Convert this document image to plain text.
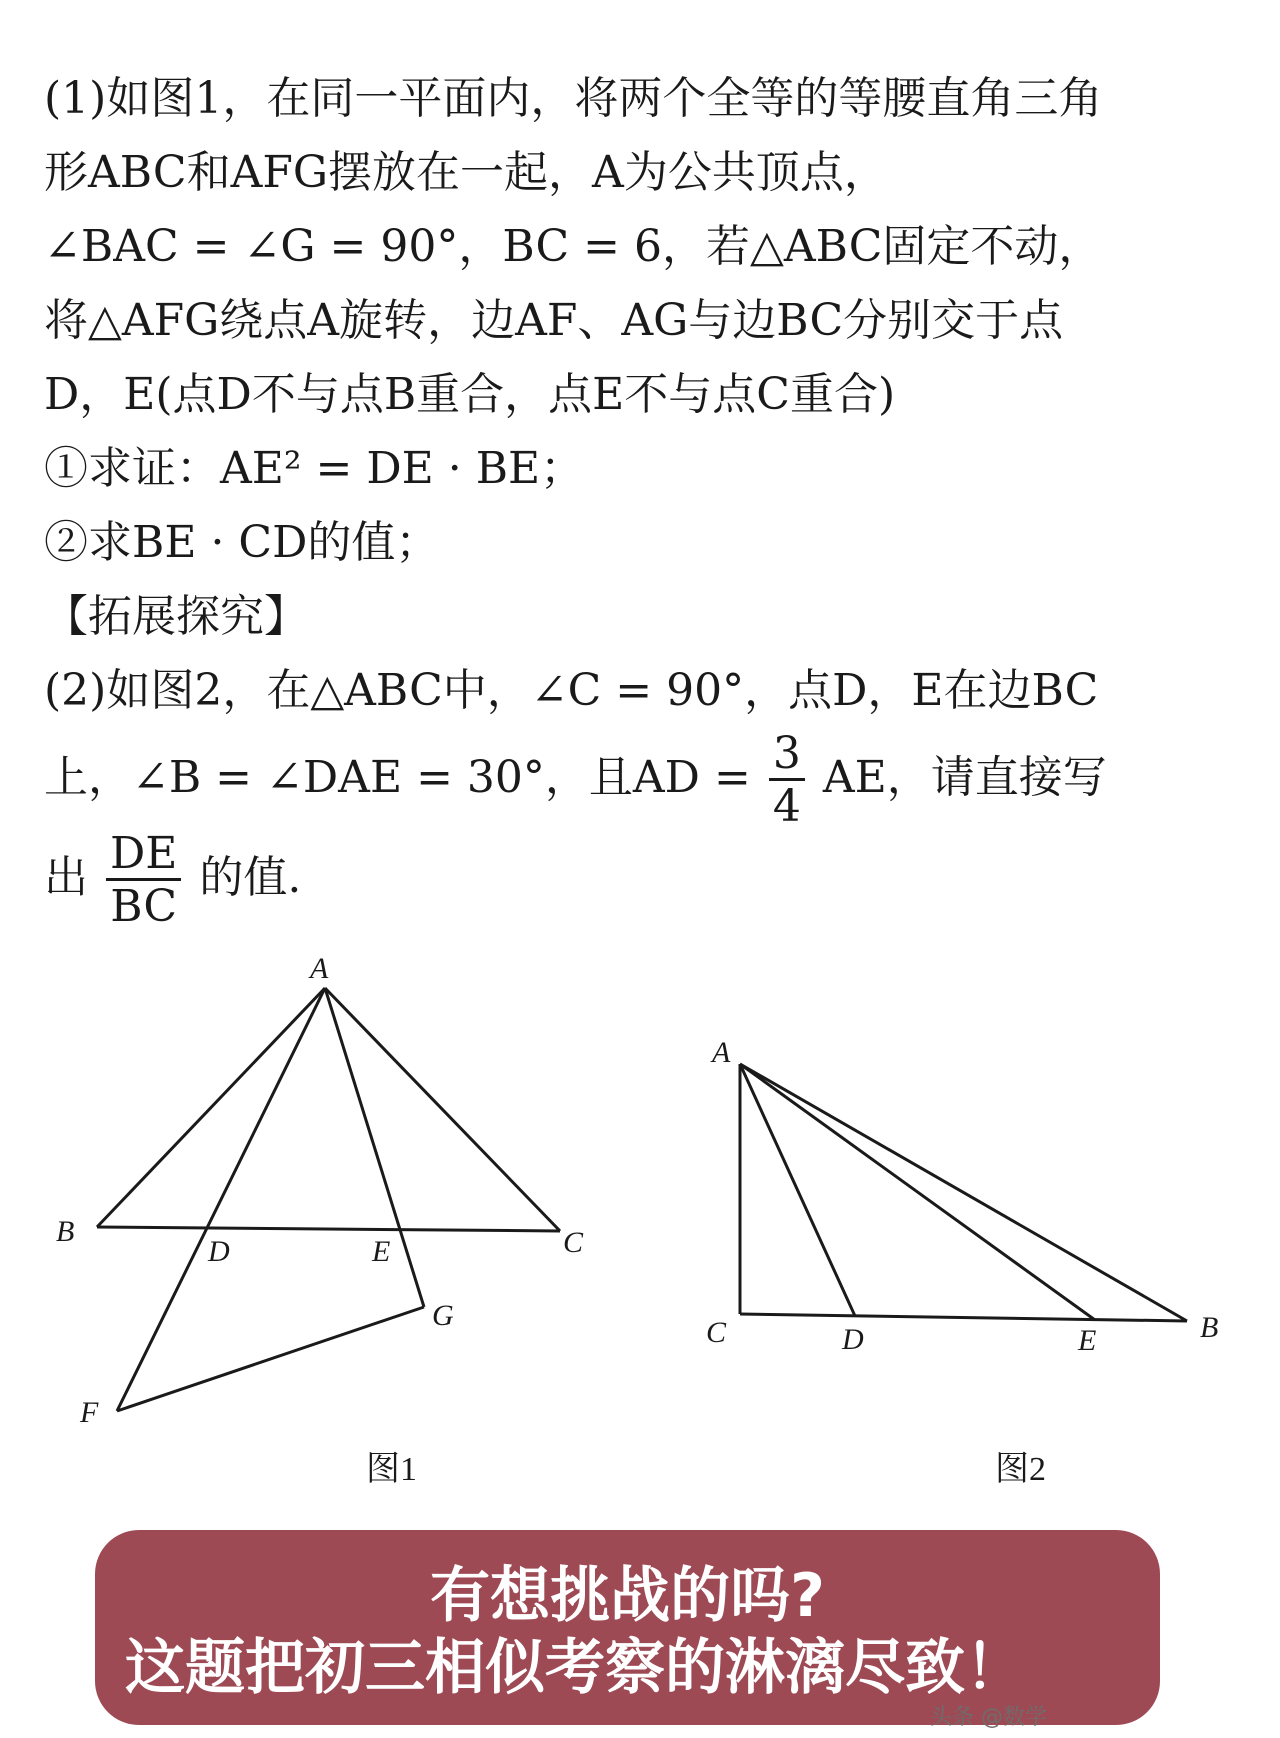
(1)如图1，在同一平面内，将两个全等的等腰直角三角
形ABC和AFG摆放在一起，A为公共顶点，
∠BAC = ∠G = 90°，BC = 6，若△ABC固定不动，
将△AFG绕点A旋转，边AF、AG与边BC分别交于点
D，E(点D不与点B重合，点E不与点C重合)
①求证：AE² = DE · BE；
②求BE · CD的值；
【拓展探究】
(2)如图2，在△ABC中，∠C = 90°，点D，E在边BC
上，∠B = ∠DAE = 30°，且AD = $\frac{3}{4}$ AE，请直接写
出 $\frac{DE}{BC}$ 的值.
A
B	C
D	E
F
G
图1
A
B
C	D	E
图2
有想挑战的吗?
这题把初三相似考察的淋漓尽致！
头条 @数学
